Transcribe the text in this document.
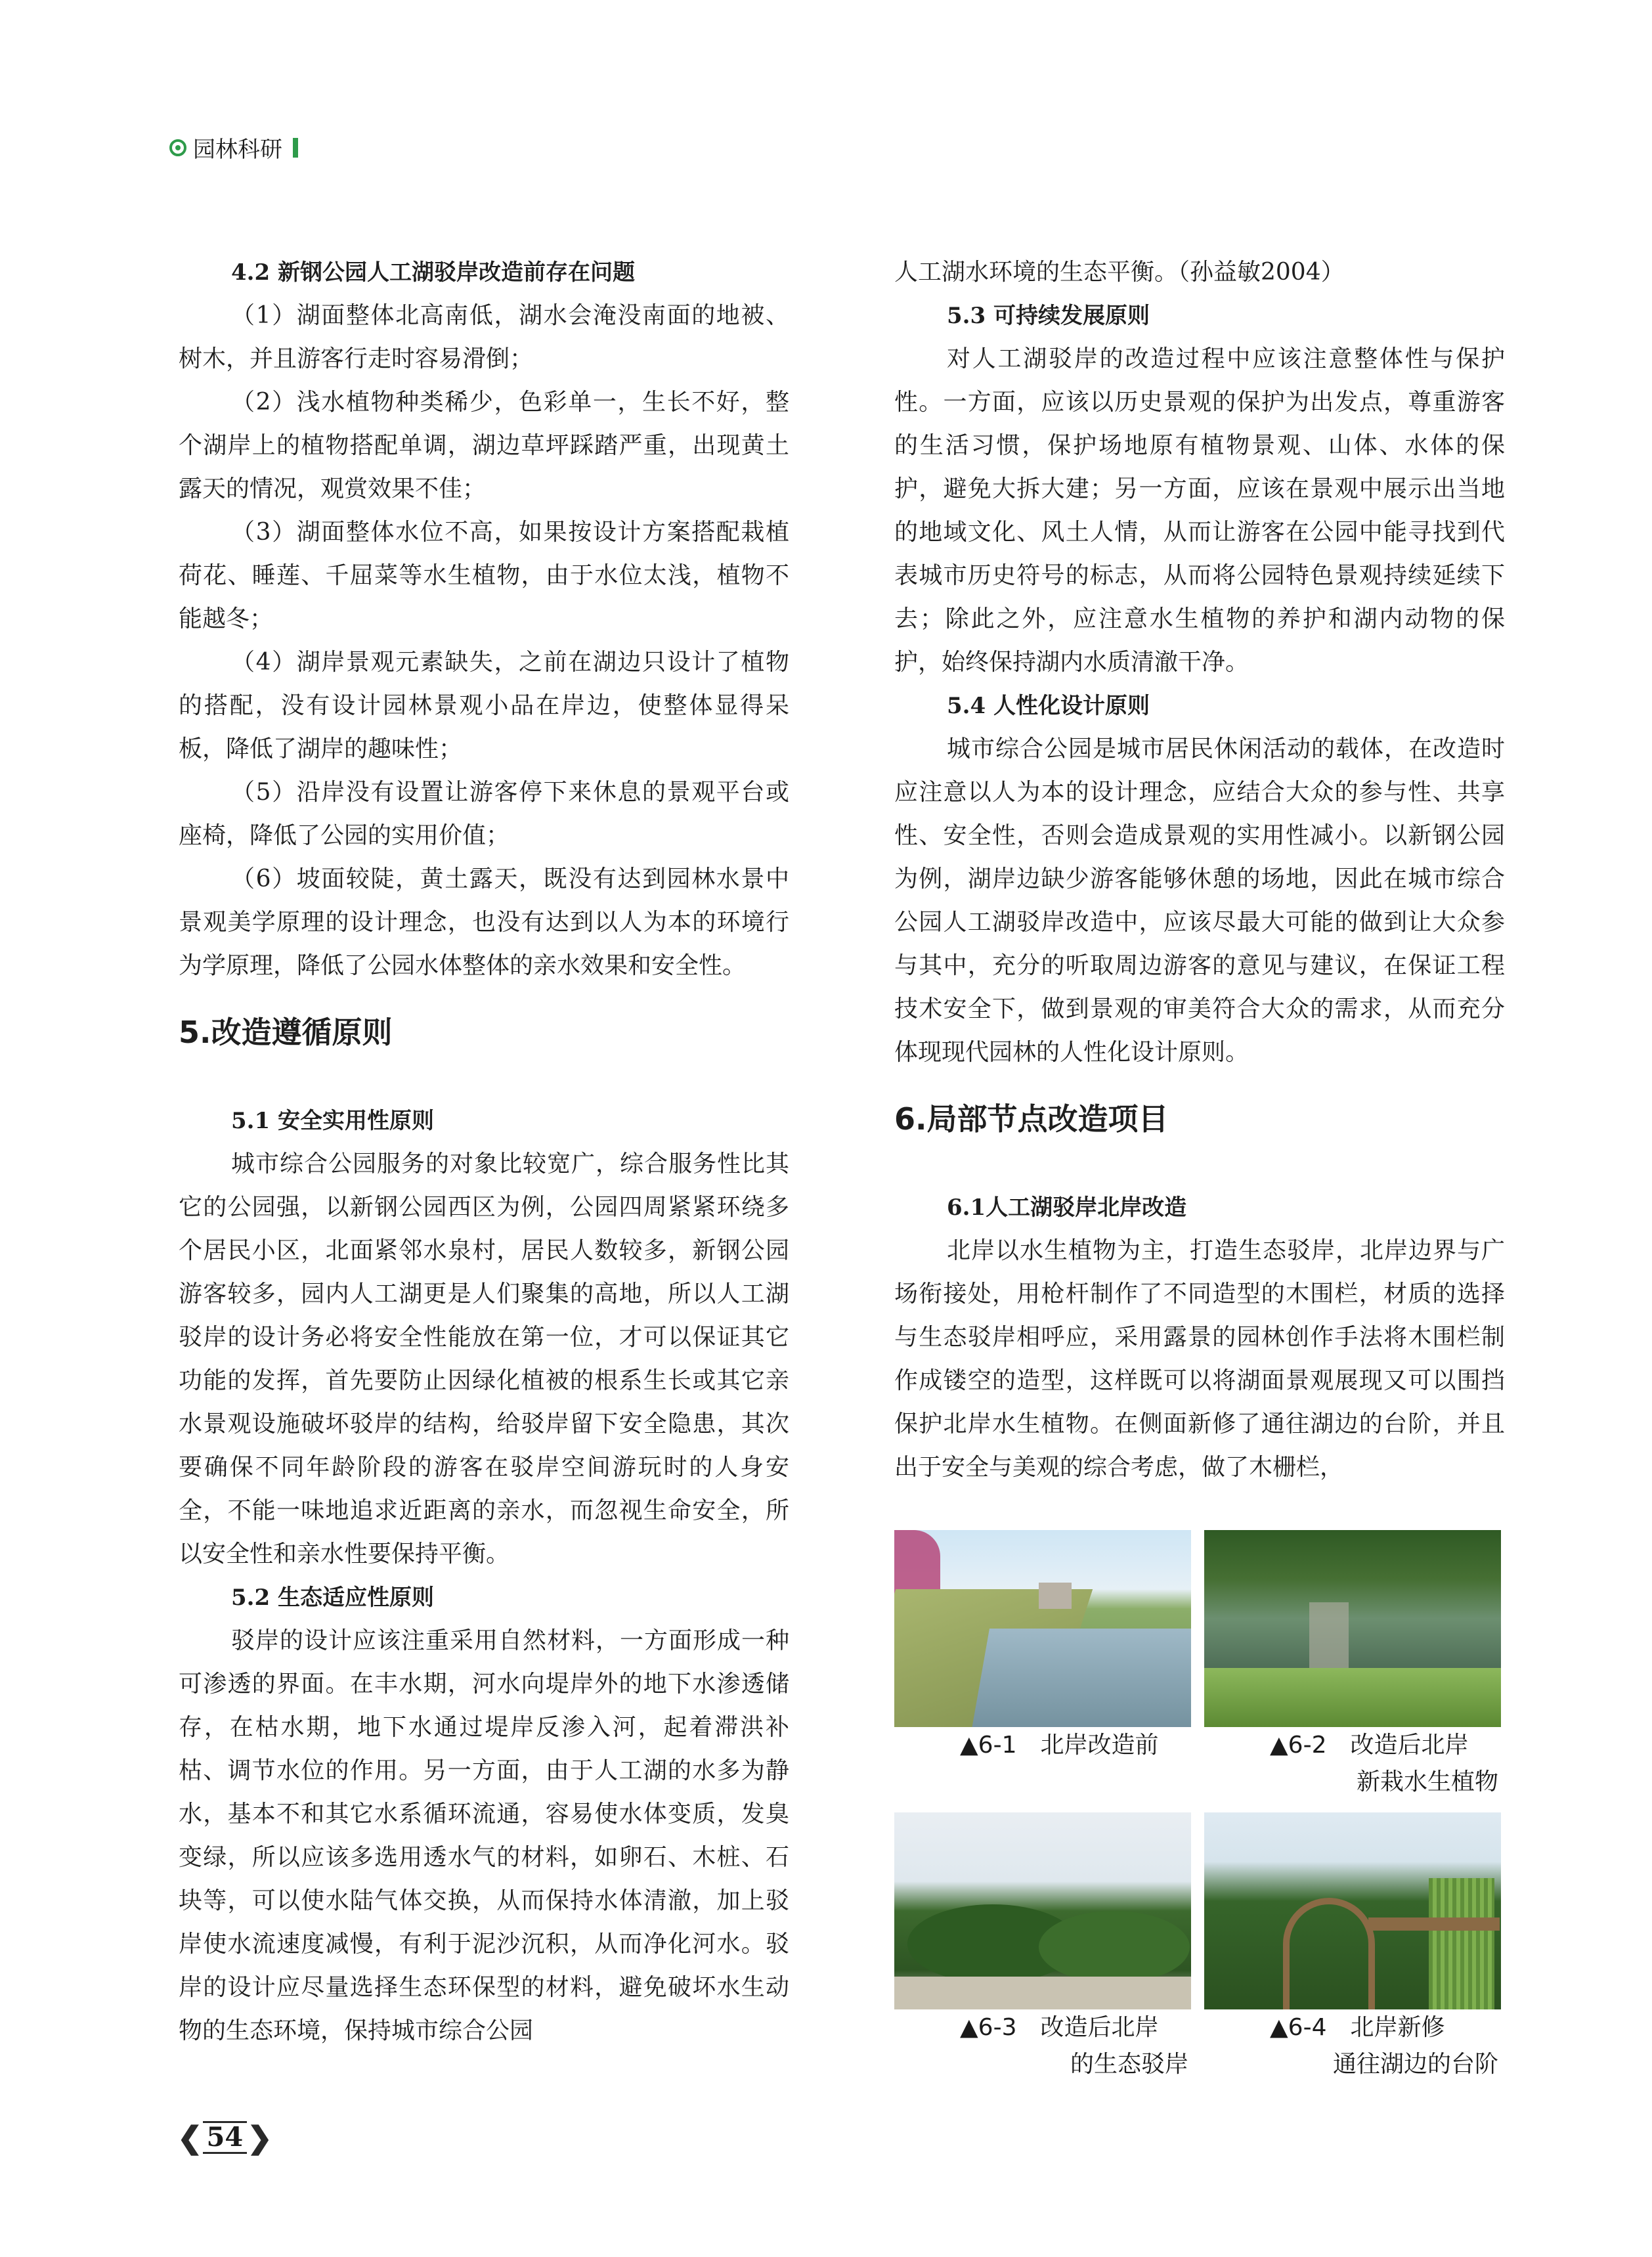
园林科研
4.2 新钢公园人工湖驳岸改造前存在问题

（1）湖面整体北高南低，湖水会淹没南面的地被、树木，并且游客行走时容易滑倒；

（2）浅水植物种类稀少，色彩单一，生长不好，整个湖岸上的植物搭配单调，湖边草坪踩踏严重，出现黄土露天的情况，观赏效果不佳；

（3）湖面整体水位不高，如果按设计方案搭配栽植荷花、睡莲、千屈菜等水生植物，由于水位太浅，植物不能越冬；

（4）湖岸景观元素缺失，之前在湖边只设计了植物的搭配，没有设计园林景观小品在岸边，使整体显得呆板，降低了湖岸的趣味性；

（5）沿岸没有设置让游客停下来休息的景观平台或座椅，降低了公园的实用价值；

（6）坡面较陡，黄土露天，既没有达到园林水景中景观美学原理的设计理念，也没有达到以人为本的环境行为学原理，降低了公园水体整体的亲水效果和安全性。

5.改造遵循原则
5.1 安全实用性原则

城市综合公园服务的对象比较宽广，综合服务性比其它的公园强，以新钢公园西区为例，公园四周紧紧环绕多个居民小区，北面紧邻水泉村，居民人数较多，新钢公园游客较多，园内人工湖更是人们聚集的高地，所以人工湖驳岸的设计务必将安全性能放在第一位，才可以保证其它功能的发挥，首先要防止因绿化植被的根系生长或其它亲水景观设施破坏驳岸的结构，给驳岸留下安全隐患，其次要确保不同年龄阶段的游客在驳岸空间游玩时的人身安全，不能一味地追求近距离的亲水，而忽视生命安全，所以安全性和亲水性要保持平衡。

5.2 生态适应性原则

驳岸的设计应该注重采用自然材料，一方面形成一种可渗透的界面。在丰水期，河水向堤岸外的地下水渗透储存，在枯水期，地下水通过堤岸反渗入河，起着滞洪补枯、调节水位的作用。另一方面，由于人工湖的水多为静水，基本不和其它水系循环流通，容易使水体变质，发臭变绿，所以应该多选用透水气的材料，如卵石、木桩、石块等，可以使水陆气体交换，从而保持水体清澈，加上驳岸使水流速度减慢，有利于泥沙沉积，从而净化河水。驳岸的设计应尽量选择生态环保型的材料，避免破坏水生动物的生态环境，保持城市综合公园

人工湖水环境的生态平衡。（孙益敏2004）

5.3 可持续发展原则

对人工湖驳岸的改造过程中应该注意整体性与保护性。一方面，应该以历史景观的保护为出发点，尊重游客的生活习惯，保护场地原有植物景观、山体、水体的保护，避免大拆大建；另一方面，应该在景观中展示出当地的地域文化、风土人情，从而让游客在公园中能寻找到代表城市历史符号的标志，从而将公园特色景观持续延续下去；除此之外，应注意水生植物的养护和湖内动物的保护，始终保持湖内水质清澈干净。

5.4 人性化设计原则

城市综合公园是城市居民休闲活动的载体，在改造时应注意以人为本的设计理念，应结合大众的参与性、共享性、安全性，否则会造成景观的实用性减小。以新钢公园为例，湖岸边缺少游客能够休憩的场地，因此在城市综合公园人工湖驳岸改造中，应该尽最大可能的做到让大众参与其中，充分的听取周边游客的意见与建议，在保证工程技术安全下，做到景观的审美符合大众的需求，从而充分体现现代园林的人性化设计原则。

6.局部节点改造项目
6.1人工湖驳岸北岸改造

北岸以水生植物为主，打造生态驳岸，北岸边界与广场衔接处，用枪杆制作了不同造型的木围栏，材质的选择与生态驳岸相呼应，采用露景的园林创作手法将木围栏制作成镂空的造型，这样既可以将湖面景观展现又可以围挡保护北岸水生植物。在侧面新修了通往湖边的台阶，并且出于安全与美观的综合考虑，做了木栅栏，

▲6-1　北岸改造前	▲6-2　改造后北岸
新栽水生植物
▲6-3　改造后北岸
的生态驳岸
▲6-4　北岸新修
通往湖边的台阶
❮ 54 ❯
